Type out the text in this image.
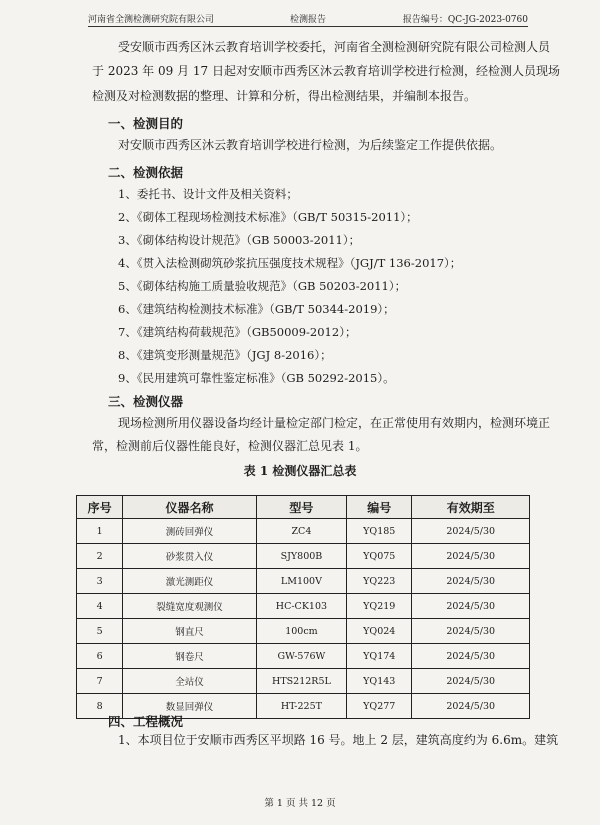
河南省全测检测研究院有限公司	检测报告	报告编号：QC-JG-2023-0760
受安顺市西秀区沐云教育培训学校委托，河南省全测检测研究院有限公司检测人员
于 2023 年 09 月 17 日起对安顺市西秀区沐云教育培训学校进行检测，经检测人员现场
检测及对检测数据的整理、计算和分析，得出检测结果，并编制本报告。
一、检测目的
对安顺市西秀区沐云教育培训学校进行检测，为后续鉴定工作提供依据。
二、检测依据
1、委托书、设计文件及相关资料；
2、《砌体工程现场检测技术标准》（GB/T 50315-2011）；
3、《砌体结构设计规范》（GB 50003-2011）；
4、《贯入法检测砌筑砂浆抗压强度技术规程》（JGJ/T 136-2017）；
5、《砌体结构施工质量验收规范》（GB 50203-2011）；
6、《建筑结构检测技术标准》（GB/T 50344-2019）；
7、《建筑结构荷载规范》（GB50009-2012）；
8、《建筑变形测量规范》（JGJ 8-2016）；
9、《民用建筑可靠性鉴定标准》（GB 50292-2015）。
三、检测仪器
现场检测所用仪器设备均经计量检定部门检定，在正常使用有效期内，检测环境正
常，检测前后仪器性能良好，检测仪器汇总见表 1。
表 1 检测仪器汇总表
序号	仪器名称	型号	编号	有效期至
1	测砖回弹仪	ZC4	YQ185	2024/5/30
2	砂浆贯入仪	SJY800B	YQ075	2024/5/30
3	激光测距仪	LM100V	YQ223	2024/5/30
4	裂缝宽度观测仪	HC-CK103	YQ219	2024/5/30
5	钢直尺	100cm	YQ024	2024/5/30
6	钢卷尺	GW-576W	YQ174	2024/5/30
7	全站仪	HTS212R5L	YQ143	2024/5/30
8	数显回弹仪	HT-225T	YQ277	2024/5/30
四、工程概况
1、本项目位于安顺市西秀区平坝路 16 号。地上 2 层，建筑高度约为 6.6m。建筑
第 1 页 共 12 页
